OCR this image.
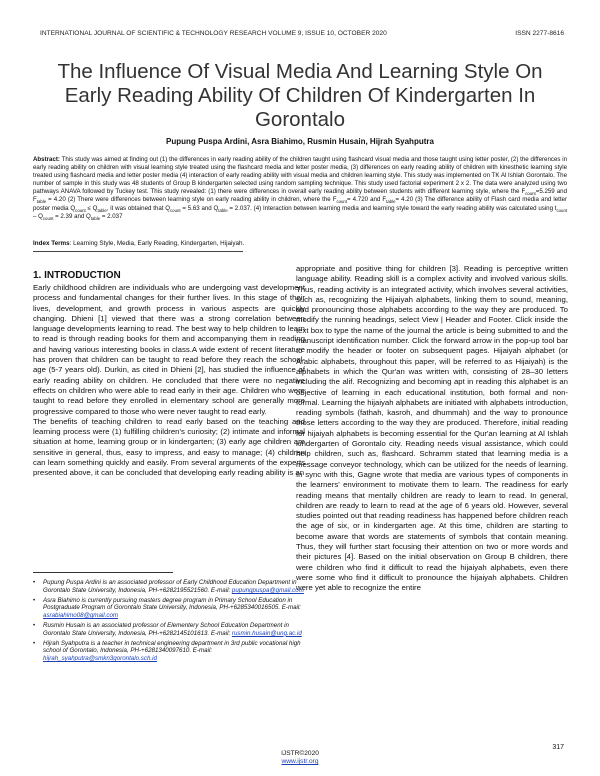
INTERNATIONAL JOURNAL OF SCIENTIFIC & TECHNOLOGY RESEARCH VOLUME 9, ISSUE 10, OCTOBER 2020	ISSN 2277-8616
The Influence Of Visual Media And Learning Style On Early Reading Ability Of Children Of Kindergarten In Gorontalo
Pupung Puspa Ardini, Asra Biahimo, Rusmin Husain, Hijrah Syahputra
Abstract: This study was aimed at finding out (1) the differences in early reading ability of the children taught using flashcard visual media and those taught using letter poster, (2) the differences in early reading ability on children with visual learning style treated using the flashcard media and letter poster media, (3) differences on early reading ability of children with kinesthetic learning style treated using flashcard media and letter poster media (4) interaction of early reading ability with visual media and children learning style. This study was implemented on TK Al Ishlah Gorontalo. The number of sample in this study was 48 students of Group B kindergarten selected using random sampling technique. This study used factorial experiment 2 x 2. The data were analyzed using two pathways ANAVA followed by Tuckey test. This study revealed: (1) there were differences in overall early reading ability between students with different learning style, where the $F_{count}=5.259$ and $F_{table} = 4.20$ (2) There were differences between learning style on early reading ability in children, where the $F_{count}= 4.720$ and $F_{table}= 4.20$ (3) The difference ability of Flash card media and letter poster media $Q_{count} \le Q_{table}$, it was obtained that $Q_{count} = 5.63$ and $Q_{table} = 2.037$. (4) Interaction between learning media and learning style toward the early reading ability was calculated using $t_{count} - Q_{count} = 2.39$ and $Q_{table} = 2.037$
Index Terms: Learning Style, Media, Early Reading, Kindergarten, Hijaiyah.
1. INTRODUCTION

Early childhood children are individuals who are undergoing vast development process and fundamental changes for their further lives. In this stage of their lives, development, and growth process in various aspects are quickly changing. Dhieni [1] viewed that there was a strong correlation between language developments learning to read. The best way to help children to learn to read is through reading books for them and accompanying them in reading and having various interesting books in class.A wide extent of recent literature has proven that children can be taught to read before they reach the school-age (5-7 years old). Durkin, as cited in Dhieni [2], has studied the influence of early reading ability on children. He concluded that there were no negative effects on children who were able to read early in their age. Children who were taught to read before they enrolled in elementary school are generally more progressive compared to those who were never taught to read early.

The benefits of teaching children to read early based on the teaching and learning process were (1) fulfilling children's curiosity; (2) intimate and informal situation at home, learning group or in kindergarten; (3) early age children are sensitive in general, thus, easy to impress, and easy to manage; (4) children can learn something quickly and easily. From several arguments of the experts presented above, it can be concluded that developing early reading ability is an

appropriate and positive thing for children [3]. Reading is perceptive written language ability. Reading skill is a complex activity and involved various skills. Thus, reading activity is an integrated activity, which involves several activities, such as, recognizing the Hijaiyah alphabets, linking them to sound, meaning, and pronouncing those alphabets according to the way they are produced. To modify the running headings, select View | Header and Footer. Click inside the text box to type the name of the journal the article is being submitted to and the manuscript identification number. Click the forward arrow in the pop-up tool bar to modify the header or footer on subsequent pages. Hijaiyah alphabet (or Arabic alphabets, throughout this paper, will be referred to as Hijaiyah) is the alphabets in which the Qur'an was written with, consisting of 28–30 letters including the alif. Recognizing and becoming apt in reading this alphabet is an objective of learning in each educational institution, both formal and non-formal. Learning the hijaiyah alphabets are initiated with alphabets introduction, reading symbols (fathah, kasroh, and dhummah) and the way to pronounce those letters according to the way they are produced. Therefore, initial reading for hijaiyah alphabets is becoming essential for the Qur'an learning at Al Ishlah kindergarten of Gorontalo city. Reading needs visual assistance, which could help children, such as, flashcard. Schramm stated that learning media is a message conveyor technology, which can be utilized for the needs of learning. In sync with this, Gagne wrote that media are various types of components in the learners' environment to motivate them to learn. The readiness for early reading means that mentally children are ready to learn to read. In general, children are ready to learn to read at the age of 6 years old. However, several studies pointed out that reading readiness has happened before children reach the age of six, or in kindergarten age. At this time, children are starting to become aware that words are statements of symbols that contain meaning. Thus, they will further start focusing their attention on two or more words and their pictures [4]. Based on the initial observation on Group B children, there were children who find it difficult to read the hijaiyah alphabets, even there were some who find it difficult to pronounce the hijaiyah alphabets. Children were yet able to recognize the entire

• Pupung Puspa Ardini is an associated professor of Early Childhood Education Department in Gorontalo State University, Indonesia, PH-+6282195521560. E-mail: pupungpuspa@gmail.com
• Asra Biahimo is currently pursuing masters degree program in Primary School Education in Postgraduate Program of Gorontalo State University, Indonesia, PH-+6285340016505. E-mail: asrabiahimo08@gmail.com
• Rusmin Husain is an associated professor of Elementery School Education Department in Gorontalo State University, Indonesia, PH-+6282145101613. E-mail: rusmin.husain@ung.ac.id
• Hijrah Syahputra is a teacher in technical engineering department in 3rd public vocational high school of Gorontalo, Indonesia, PH-+6281340097610. E-mail: hijrah_syahputra@smkn3gorontalo.sch.id
317
IJSTR©2020
www.ijstr.org
